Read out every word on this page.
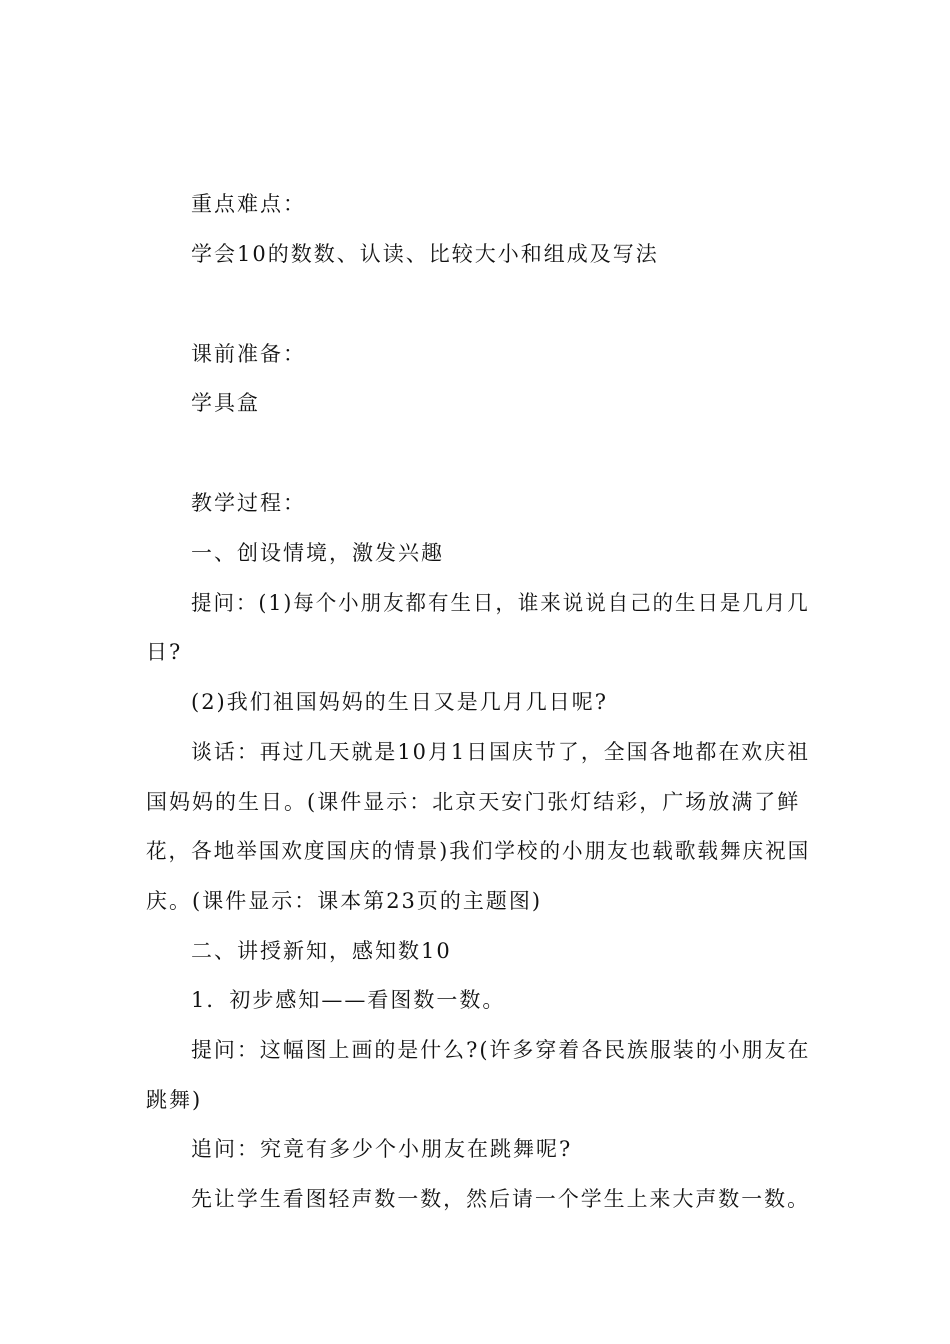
重点难点：
学会10的数数、认读、比较大小和组成及写法
课前准备：
学具盒
教学过程：
一、创设情境，激发兴趣
提问：(1)每个小朋友都有生日，谁来说说自己的生日是几月几
日?
(2)我们祖国妈妈的生日又是几月几日呢?
谈话：再过几天就是10月1日国庆节了，全国各地都在欢庆祖
国妈妈的生日。(课件显示：北京天安门张灯结彩，广场放满了鲜
花，各地举国欢度国庆的情景)我们学校的小朋友也载歌载舞庆祝国
庆。(课件显示：课本第23页的主题图)
二、讲授新知，感知数10
1．初步感知——看图数一数。
提问：这幅图上画的是什么?(许多穿着各民族服装的小朋友在
跳舞)
追问：究竟有多少个小朋友在跳舞呢?
先让学生看图轻声数一数，然后请一个学生上来大声数一数。
